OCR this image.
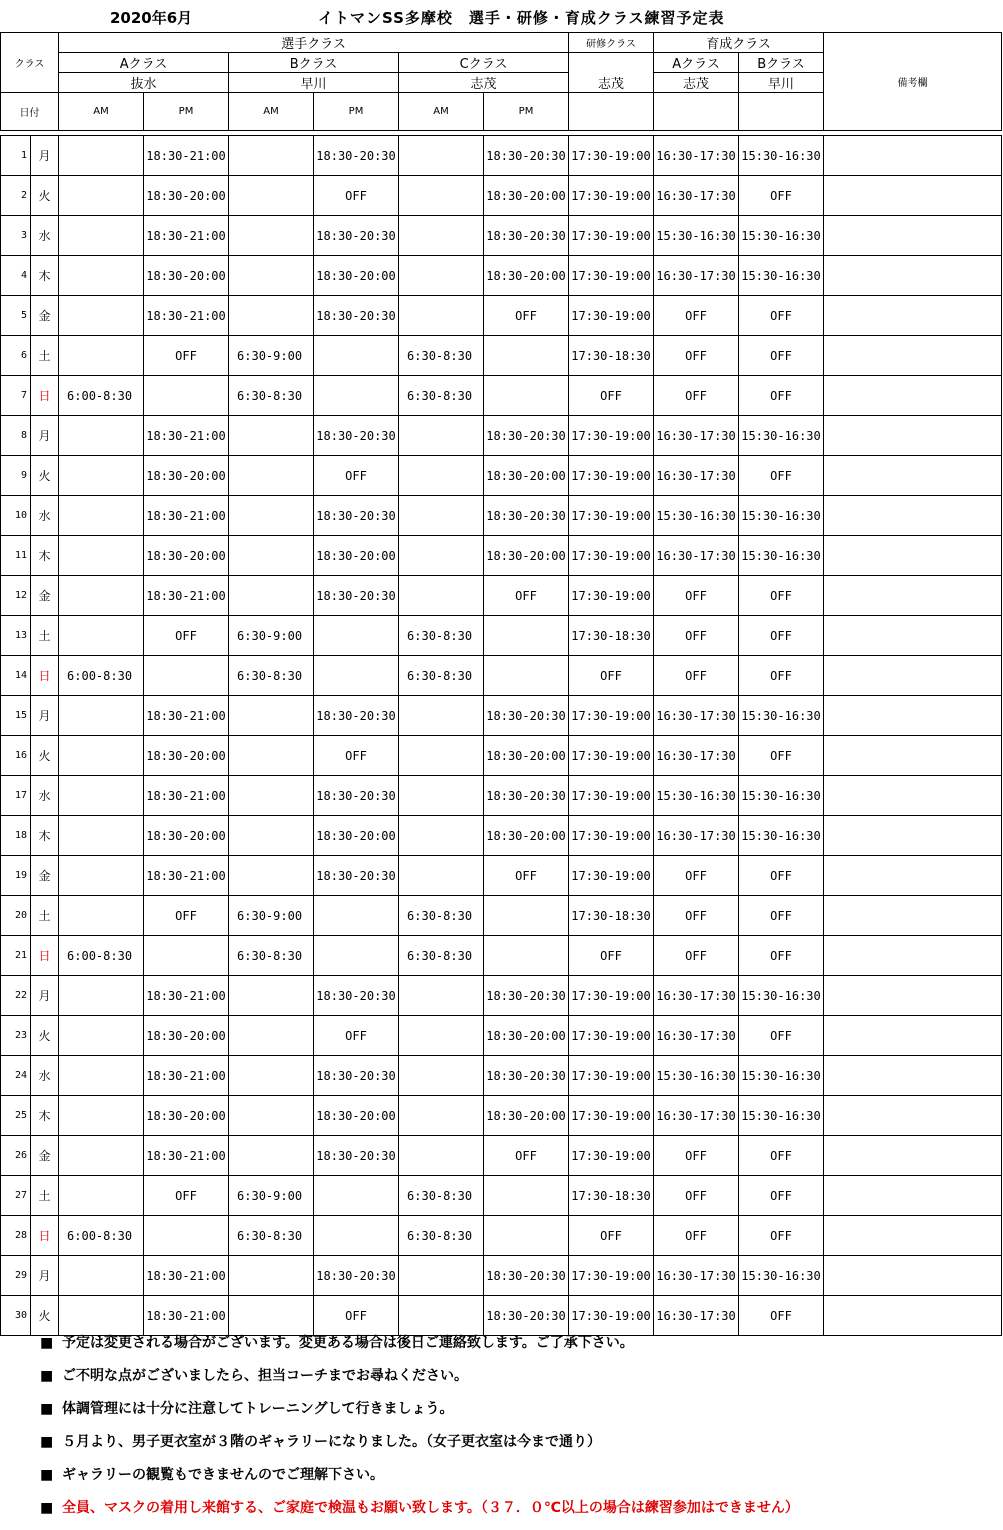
2020年6月	イトマンSS多摩校　選手・研修・育成クラス練習予定表
クラス		選手クラス						研修クラス	育成クラス		備考欄
		Aクラス		Bクラス		Cクラス		志茂	Aクラス	Bクラス	
		抜水		早川		志茂			志茂	早川	
日付		AM	PM	AM	PM	AM	PM				

1	月		18:30-21:00		18:30-20:30		18:30-20:30	17:30-19:00	16:30-17:30	15:30-16:30	
2	火		18:30-20:00		OFF		18:30-20:00	17:30-19:00	16:30-17:30	OFF	
3	水		18:30-21:00		18:30-20:30		18:30-20:30	17:30-19:00	15:30-16:30	15:30-16:30	
4	木		18:30-20:00		18:30-20:00		18:30-20:00	17:30-19:00	16:30-17:30	15:30-16:30	
5	金		18:30-21:00		18:30-20:30		OFF	17:30-19:00	OFF	OFF	
6	土		OFF	6:30-9:00		6:30-8:30		17:30-18:30	OFF	OFF	
7	日	6:00-8:30		6:30-8:30		6:30-8:30		OFF	OFF	OFF	
8	月		18:30-21:00		18:30-20:30		18:30-20:30	17:30-19:00	16:30-17:30	15:30-16:30	
9	火		18:30-20:00		OFF		18:30-20:00	17:30-19:00	16:30-17:30	OFF	
10	水		18:30-21:00		18:30-20:30		18:30-20:30	17:30-19:00	15:30-16:30	15:30-16:30	
11	木		18:30-20:00		18:30-20:00		18:30-20:00	17:30-19:00	16:30-17:30	15:30-16:30	
12	金		18:30-21:00		18:30-20:30		OFF	17:30-19:00	OFF	OFF	
13	土		OFF	6:30-9:00		6:30-8:30		17:30-18:30	OFF	OFF	
14	日	6:00-8:30		6:30-8:30		6:30-8:30		OFF	OFF	OFF	
15	月		18:30-21:00		18:30-20:30		18:30-20:30	17:30-19:00	16:30-17:30	15:30-16:30	
16	火		18:30-20:00		OFF		18:30-20:00	17:30-19:00	16:30-17:30	OFF	
17	水		18:30-21:00		18:30-20:30		18:30-20:30	17:30-19:00	15:30-16:30	15:30-16:30	
18	木		18:30-20:00		18:30-20:00		18:30-20:00	17:30-19:00	16:30-17:30	15:30-16:30	
19	金		18:30-21:00		18:30-20:30		OFF	17:30-19:00	OFF	OFF	
20	土		OFF	6:30-9:00		6:30-8:30		17:30-18:30	OFF	OFF	
21	日	6:00-8:30		6:30-8:30		6:30-8:30		OFF	OFF	OFF	
22	月		18:30-21:00		18:30-20:30		18:30-20:30	17:30-19:00	16:30-17:30	15:30-16:30	
23	火		18:30-20:00		OFF		18:30-20:00	17:30-19:00	16:30-17:30	OFF	
24	水		18:30-21:00		18:30-20:30		18:30-20:30	17:30-19:00	15:30-16:30	15:30-16:30	
25	木		18:30-20:00		18:30-20:00		18:30-20:00	17:30-19:00	16:30-17:30	15:30-16:30	
26	金		18:30-21:00		18:30-20:30		OFF	17:30-19:00	OFF	OFF	
27	土		OFF	6:30-9:00		6:30-8:30		17:30-18:30	OFF	OFF	
28	日	6:00-8:30		6:30-8:30		6:30-8:30		OFF	OFF	OFF	
29	月		18:30-21:00		18:30-20:30		18:30-20:30	17:30-19:00	16:30-17:30	15:30-16:30	
30	火		18:30-21:00		OFF		18:30-20:30	17:30-19:00	16:30-17:30	OFF	
■ 予定は変更される場合がございます。変更ある場合は後日ご連絡致します。ご了承下さい。
■ ご不明な点がございましたら、担当コーチまでお尋ねください。
■ 体調管理には十分に注意してトレーニングして行きましょう。
■ ５月より、男子更衣室が３階のギャラリーになりました。（女子更衣室は今まで通り）
■ ギャラリーの観覧もできませんのでご理解下さい。
■ 全員、マスクの着用し来館する、ご家庭で検温もお願い致します。（３７．０℃以上の場合は練習参加はできません）
